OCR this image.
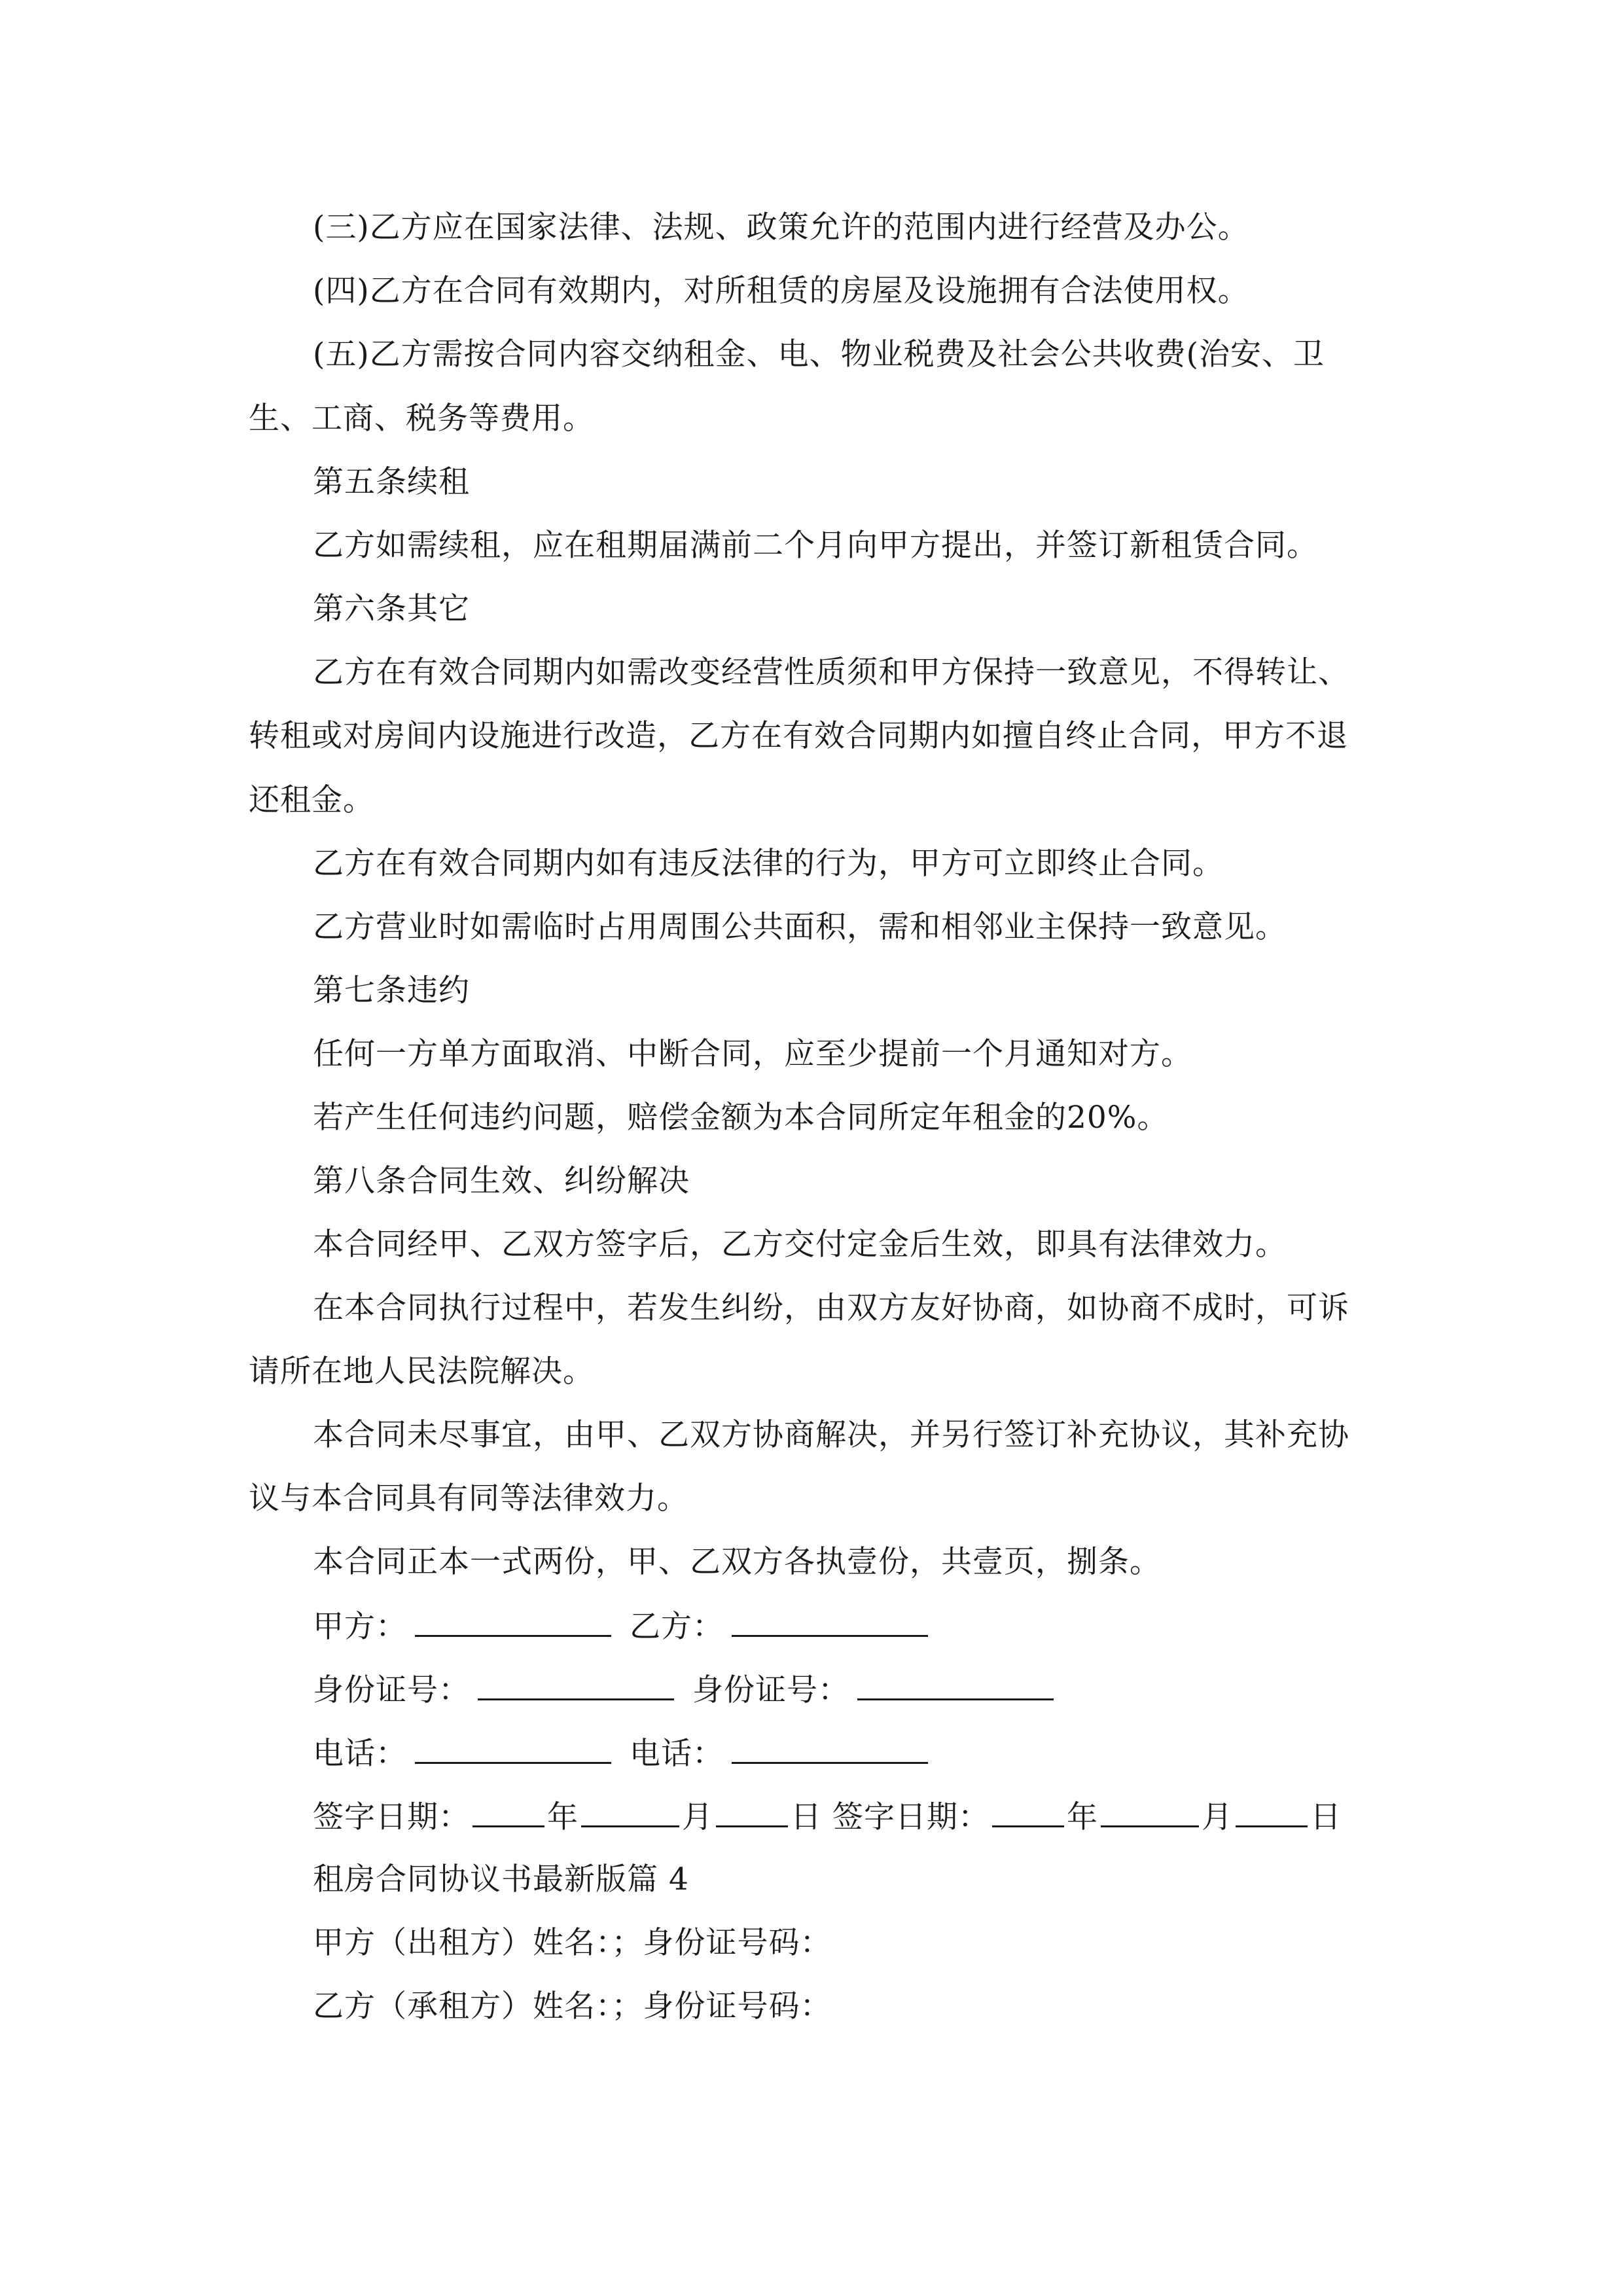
(三)乙方应在国家法律、法规、政策允许的范围内进行经营及办公。
(四)乙方在合同有效期内，对所租赁的房屋及设施拥有合法使用权。
(五)乙方需按合同内容交纳租金、电、物业税费及社会公共收费(治安、卫
生、工商、税务等费用。
第五条续租
乙方如需续租，应在租期届满前二个月向甲方提出，并签订新租赁合同。
第六条其它
乙方在有效合同期内如需改变经营性质须和甲方保持一致意见，不得转让、
转租或对房间内设施进行改造，乙方在有效合同期内如擅自终止合同，甲方不退
还租金。
乙方在有效合同期内如有违反法律的行为，甲方可立即终止合同。
乙方营业时如需临时占用周围公共面积，需和相邻业主保持一致意见。
第七条违约
任何一方单方面取消、中断合同，应至少提前一个月通知对方。
若产生任何违约问题，赔偿金额为本合同所定年租金的20%。
第八条合同生效、纠纷解决
本合同经甲、乙双方签字后，乙方交付定金后生效，即具有法律效力。
在本合同执行过程中，若发生纠纷，由双方友好协商，如协商不成时，可诉
请所在地人民法院解决。
本合同未尽事宜，由甲、乙双方协商解决，并另行签订补充协议，其补充协
议与本合同具有同等法律效力。
本合同正本一式两份，甲、乙双方各执壹份，共壹页，捌条。
甲方：	乙方：
身份证号：	身份证号：
电话：	电话：
签字日期：	年	月	日 签字日期：	年	月	日
租房合同协议书最新版篇 4
甲方（出租方）姓名：；身份证号码：
乙方（承租方）姓名：；身份证号码：
